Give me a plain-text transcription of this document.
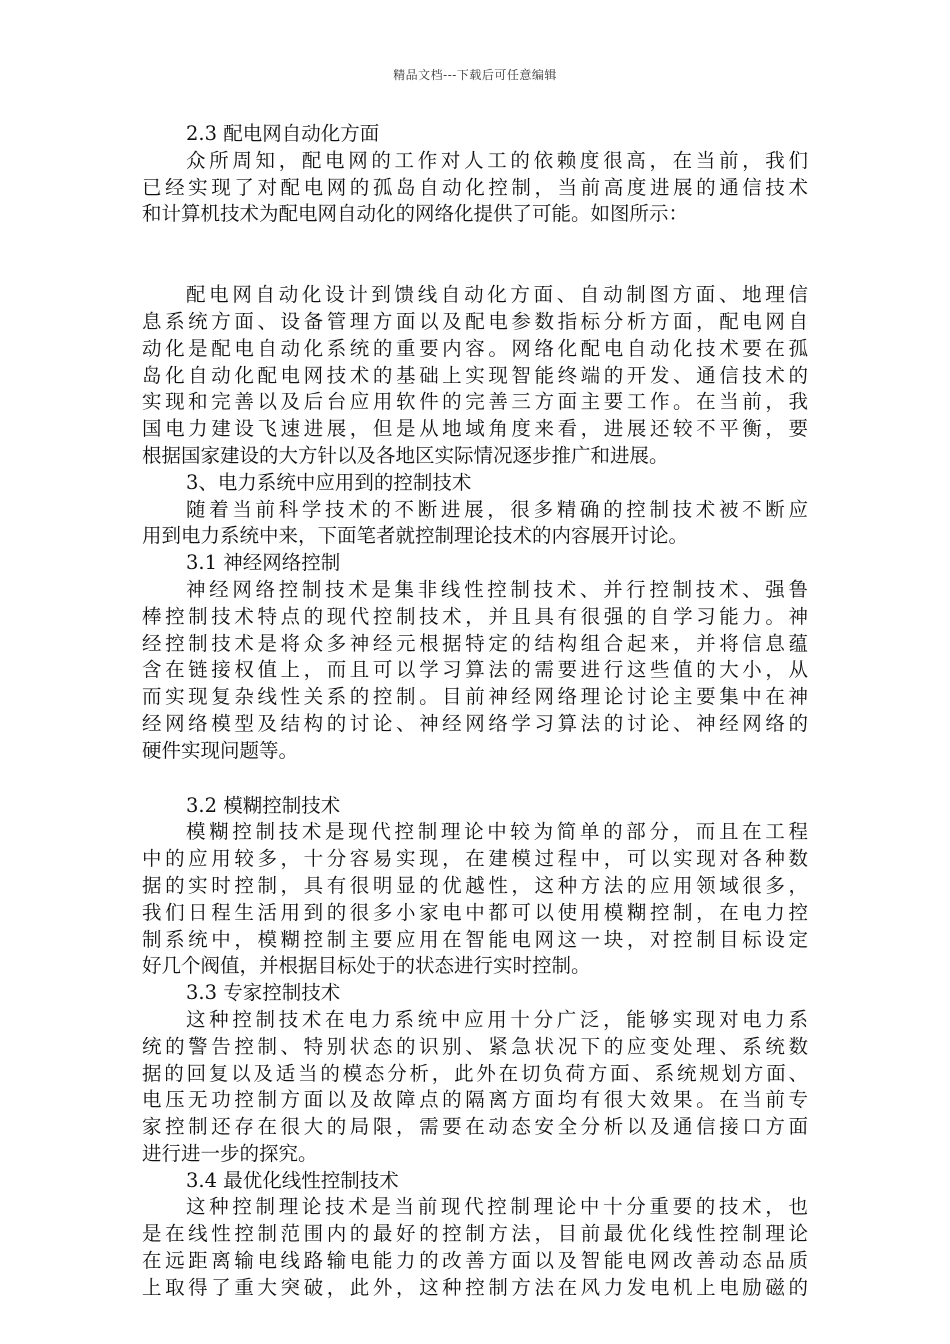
精品文档---下载后可任意编辑
2.3 配电网自动化方面
众所周知，配电网的工作对人工的依赖度很高，在当前，我们
已经实现了对配电网的孤岛自动化控制，当前高度进展的通信技术
和计算机技术为配电网自动化的网络化提供了可能。如图所示：
配电网自动化设计到馈线自动化方面、自动制图方面、地理信
息系统方面、设备管理方面以及配电参数指标分析方面，配电网自
动化是配电自动化系统的重要内容。网络化配电自动化技术要在孤
岛化自动化配电网技术的基础上实现智能终端的开发、通信技术的
实现和完善以及后台应用软件的完善三方面主要工作。在当前，我
国电力建设飞速进展，但是从地域角度来看，进展还较不平衡，要
根据国家建设的大方针以及各地区实际情况逐步推广和进展。
3、电力系统中应用到的控制技术
随着当前科学技术的不断进展，很多精确的控制技术被不断应
用到电力系统中来，下面笔者就控制理论技术的内容展开讨论。
3.1 神经网络控制
神经网络控制技术是集非线性控制技术、并行控制技术、强鲁
棒控制技术特点的现代控制技术，并且具有很强的自学习能力。神
经控制技术是将众多神经元根据特定的结构组合起来，并将信息蕴
含在链接权值上，而且可以学习算法的需要进行这些值的大小，从
而实现复杂线性关系的控制。目前神经网络理论讨论主要集中在神
经网络模型及结构的讨论、神经网络学习算法的讨论、神经网络的
硬件实现问题等。
3.2 模糊控制技术
模糊控制技术是现代控制理论中较为简单的部分，而且在工程
中的应用较多，十分容易实现，在建模过程中，可以实现对各种数
据的实时控制，具有很明显的优越性，这种方法的应用领域很多，
我们日程生活用到的很多小家电中都可以使用模糊控制，在电力控
制系统中，模糊控制主要应用在智能电网这一块，对控制目标设定
好几个阀值，并根据目标处于的状态进行实时控制。
3.3 专家控制技术
这种控制技术在电力系统中应用十分广泛，能够实现对电力系
统的警告控制、特别状态的识别、紧急状况下的应变处理、系统数
据的回复以及适当的模态分析，此外在切负荷方面、系统规划方面、
电压无功控制方面以及故障点的隔离方面均有很大效果。在当前专
家控制还存在很大的局限，需要在动态安全分析以及通信接口方面
进行进一步的探究。
3.4 最优化线性控制技术
这种控制理论技术是当前现代控制理论中十分重要的技术，也
是在线性控制范围内的最好的控制方法，目前最优化线性控制理论
在远距离输电线路输电能力的改善方面以及智能电网改善动态品质
上取得了重大突破，此外，这种控制方法在风力发电机上电励磁的
